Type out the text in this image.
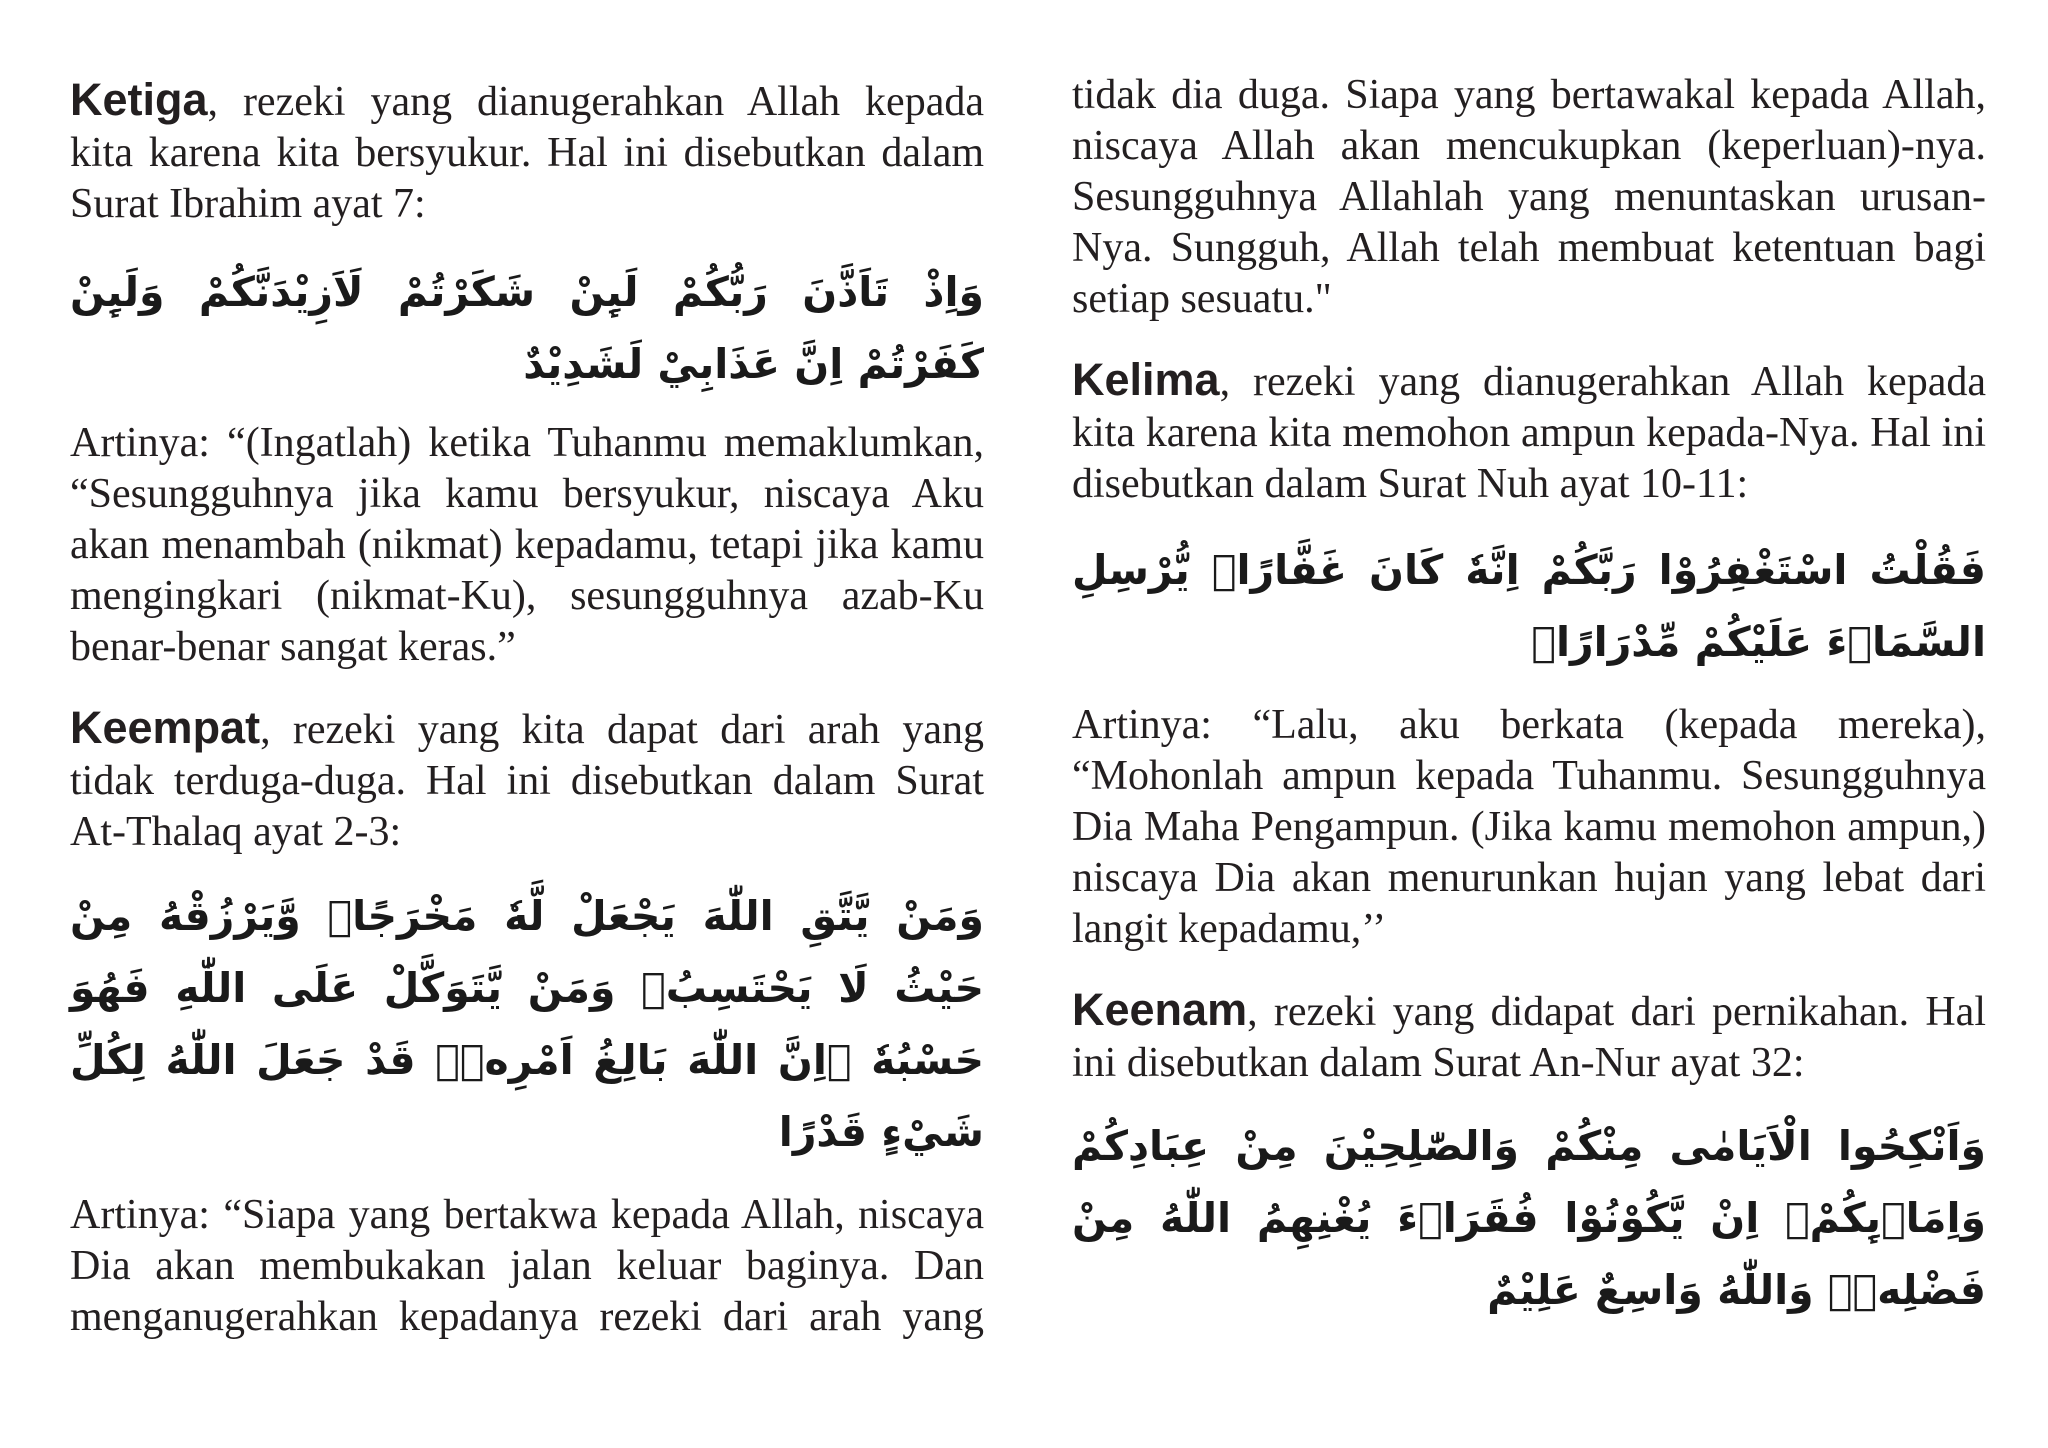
Ketiga, rezeki yang dianugerahkan Allah kepada kita karena kita bersyukur. Hal ini disebutkan dalam Surat Ibrahim ayat 7:

وَاِذْ تَاَذَّنَ رَبُّكُمْ لَىِٕنْ شَكَرْتُمْ لَاَزِيْدَنَّكُمْ وَلَىِٕنْ كَفَرْتُمْ اِنَّ عَذَابِيْ لَشَدِيْدٌ

Artinya: “(Ingatlah) ketika Tuhanmu memaklumkan, “Sesungguhnya jika kamu bersyukur, niscaya Aku akan menambah (nikmat) kepadamu, tetapi jika kamu mengingkari (nikmat-Ku), sesungguhnya azab-Ku benar-benar sangat keras.”

Keempat, rezeki yang kita dapat dari arah yang tidak terduga-duga. Hal ini disebutkan dalam Surat At-Thalaq ayat 2-3:

وَمَنْ يَّتَّقِ اللّٰهَ يَجْعَلْ لَّهٗ مَخْرَجًاۙ وَّيَرْزُقْهُ مِنْ حَيْثُ لَا يَحْتَسِبُۗ وَمَنْ يَّتَوَكَّلْ عَلَى اللّٰهِ فَهُوَ حَسْبُهٗ ۗاِنَّ اللّٰهَ بَالِغُ اَمْرِهٖۗ قَدْ جَعَلَ اللّٰهُ لِكُلِّ شَيْءٍ قَدْرًا

Artinya: “Siapa yang bertakwa kepada Allah, niscaya Dia akan membukakan jalan keluar baginya. Dan menganugerahkan kepadanya rezeki dari arah yang

tidak dia duga. Siapa yang bertawakal kepada Allah, niscaya Allah akan mencukupkan (keperluan)-nya. Sesungguhnya Allahlah yang menuntaskan urusan-Nya. Sungguh, Allah telah membuat ketentuan bagi setiap sesuatu."

Kelima, rezeki yang dianugerahkan Allah kepada kita karena kita memohon ampun kepada-Nya. Hal ini disebutkan dalam Surat Nuh ayat 10-11:

فَقُلْتُ اسْتَغْفِرُوْا رَبَّكُمْ اِنَّهٗ كَانَ غَفَّارًاۙ يُّرْسِلِ السَّمَاۤءَ عَلَيْكُمْ مِّدْرَارًاۙ

Artinya: “Lalu, aku berkata (kepada mereka), “Mohonlah ampun kepada Tuhanmu. Sesungguhnya Dia Maha Pengampun. (Jika kamu memohon ampun,) niscaya Dia akan menurunkan hujan yang lebat dari langit kepadamu,’’

Keenam, rezeki yang didapat dari pernikahan. Hal ini disebutkan dalam Surat An-Nur ayat 32:

وَاَنْكِحُوا الْاَيَامٰى مِنْكُمْ وَالصّٰلِحِيْنَ مِنْ عِبَادِكُمْ وَاِمَاۤىِٕكُمْۗ اِنْ يَّكُوْنُوْا فُقَرَاۤءَ يُغْنِهِمُ اللّٰهُ مِنْ فَضْلِهٖۗ وَاللّٰهُ وَاسِعٌ عَلِيْمٌ
